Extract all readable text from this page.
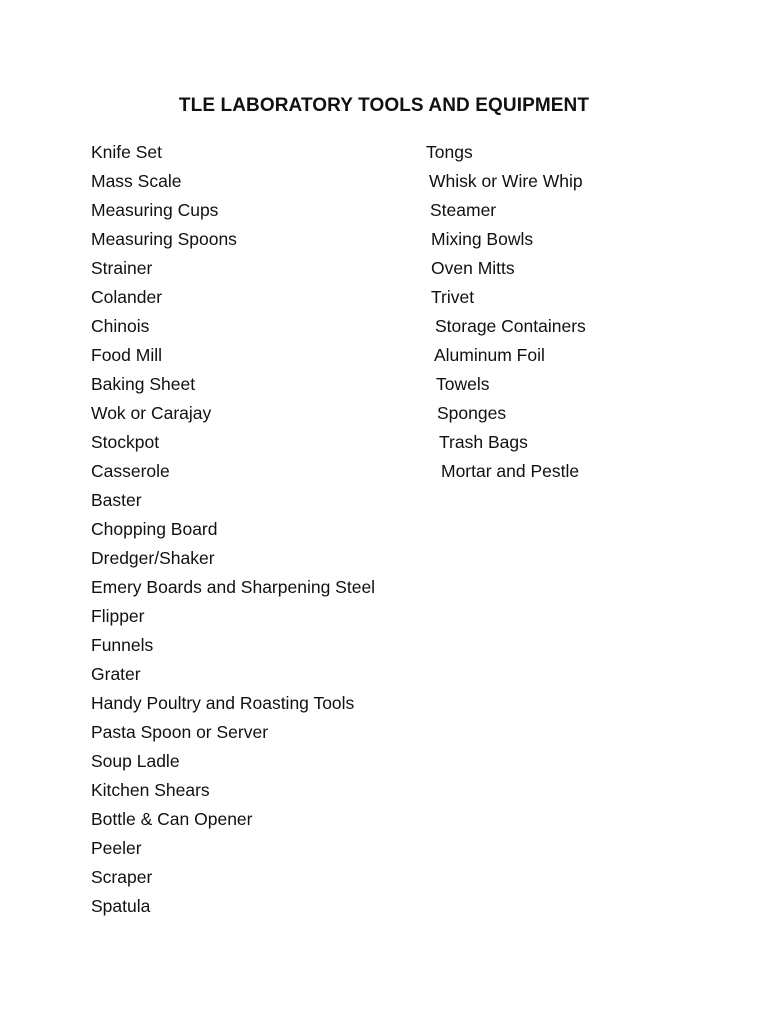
TLE LABORATORY TOOLS AND EQUIPMENT
Knife Set
Mass Scale
Measuring Cups
Measuring Spoons
Strainer
Colander
Chinois
Food Mill
Baking Sheet
Wok or Carajay
Stockpot
Casserole
Baster
Chopping Board
Dredger/Shaker
Emery Boards and Sharpening Steel
Flipper
Funnels
Grater
Handy Poultry and Roasting Tools
Pasta Spoon or Server
Soup Ladle
Kitchen Shears
Bottle & Can Opener
Peeler
Scraper
Spatula
Tongs
Whisk or Wire Whip
Steamer
Mixing Bowls
Oven Mitts
Trivet
Storage Containers
Aluminum Foil
Towels
Sponges
Trash Bags
Mortar and Pestle
